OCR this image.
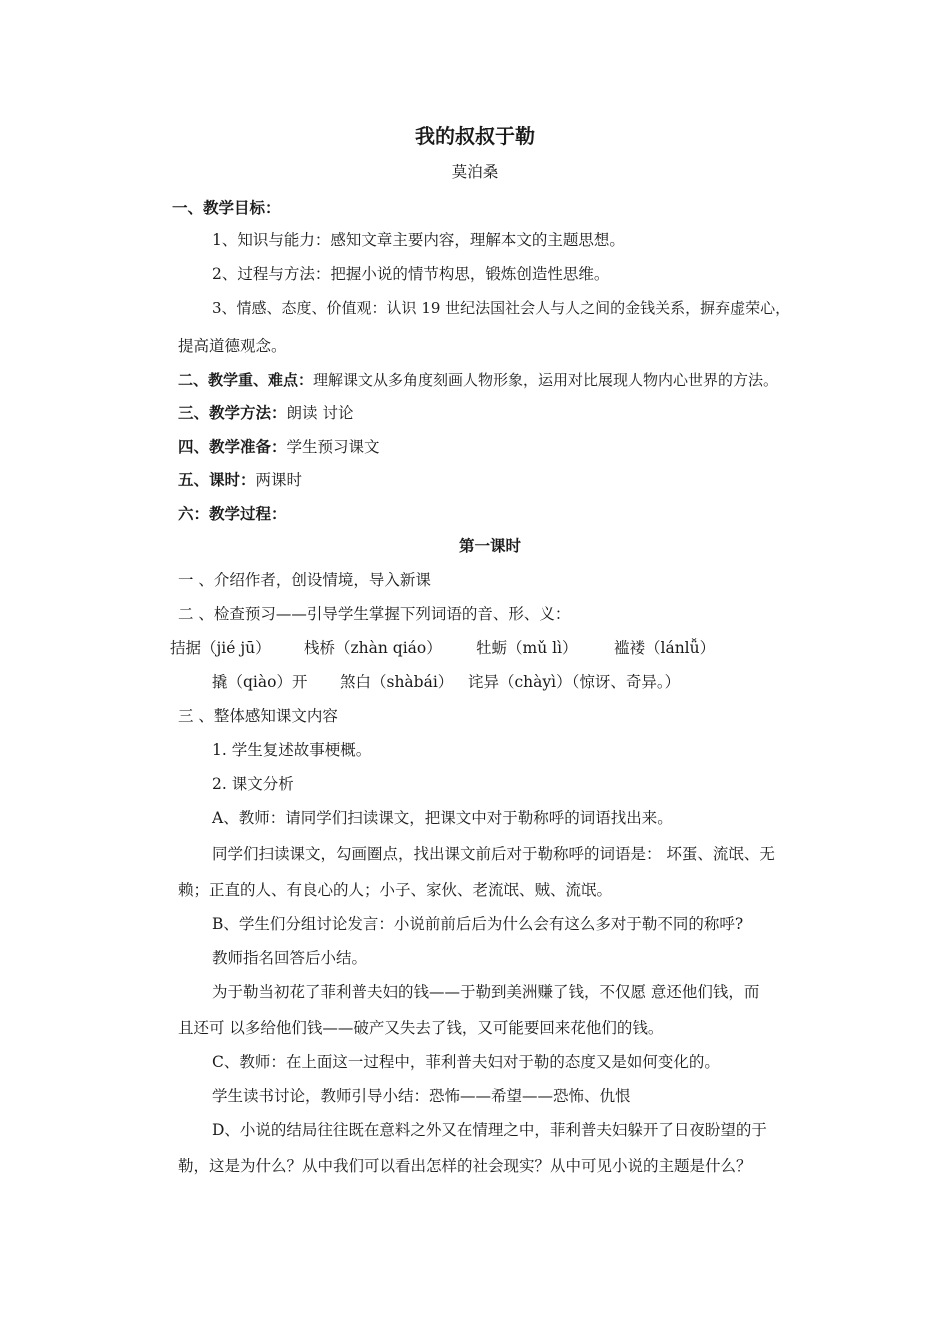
我的叔叔于勒
莫泊桑
一、教学目标：
1、知识与能力：感知文章主要内容，理解本文的主题思想。
2、过程与方法：把握小说的情节构思，锻炼创造性思维。
3、情感、态度、价值观：认识 19 世纪法国社会人与人之间的金钱关系，摒弃虚荣心，
提高道德观念。
二、教学重、难点：理解课文从多角度刻画人物形象，运用对比展现人物内心世界的方法。
三、教学方法：朗读 讨论
四、教学准备：学生预习课文
五、课时：两课时
六：教学过程：
第一课时
一 、介绍作者，创设情境，导入新课
二 、检查预习——引导学生掌握下列词语的音、形、义：
拮据（jié jū） 栈桥（zhàn qiáo） 牡蛎（mǔ lì） 褴褛（lánlǚ）
撬（qiào）开 煞白（shàbái） 诧异（chàyì）（惊讶、奇异。）
三 、整体感知课文内容
1. 学生复述故事梗概。
2. 课文分析
A、教师：请同学们扫读课文，把课文中对于勒称呼的词语找出来。
同学们扫读课文，勾画圈点，找出课文前后对于勒称呼的词语是： 坏蛋、流氓、无
赖；正直的人、有良心的人；小子、家伙、老流氓、贼、流氓。
B、学生们分组讨论发言：小说前前后后为什么会有这么多对于勒不同的称呼?
教师指名回答后小结。
为于勒当初花了菲利普夫妇的钱——于勒到美洲赚了钱，不仅愿 意还他们钱，而
且还可 以多给他们钱——破产又失去了钱，又可能要回来花他们的钱。
C、教师：在上面这一过程中，菲利普夫妇对于勒的态度又是如何变化的。
学生读书讨论，教师引导小结：恐怖——希望——恐怖、仇恨
D、小说的结局往往既在意料之外又在情理之中，菲利普夫妇躲开了日夜盼望的于
勒，这是为什么？从中我们可以看出怎样的社会现实？从中可见小说的主题是什么？
